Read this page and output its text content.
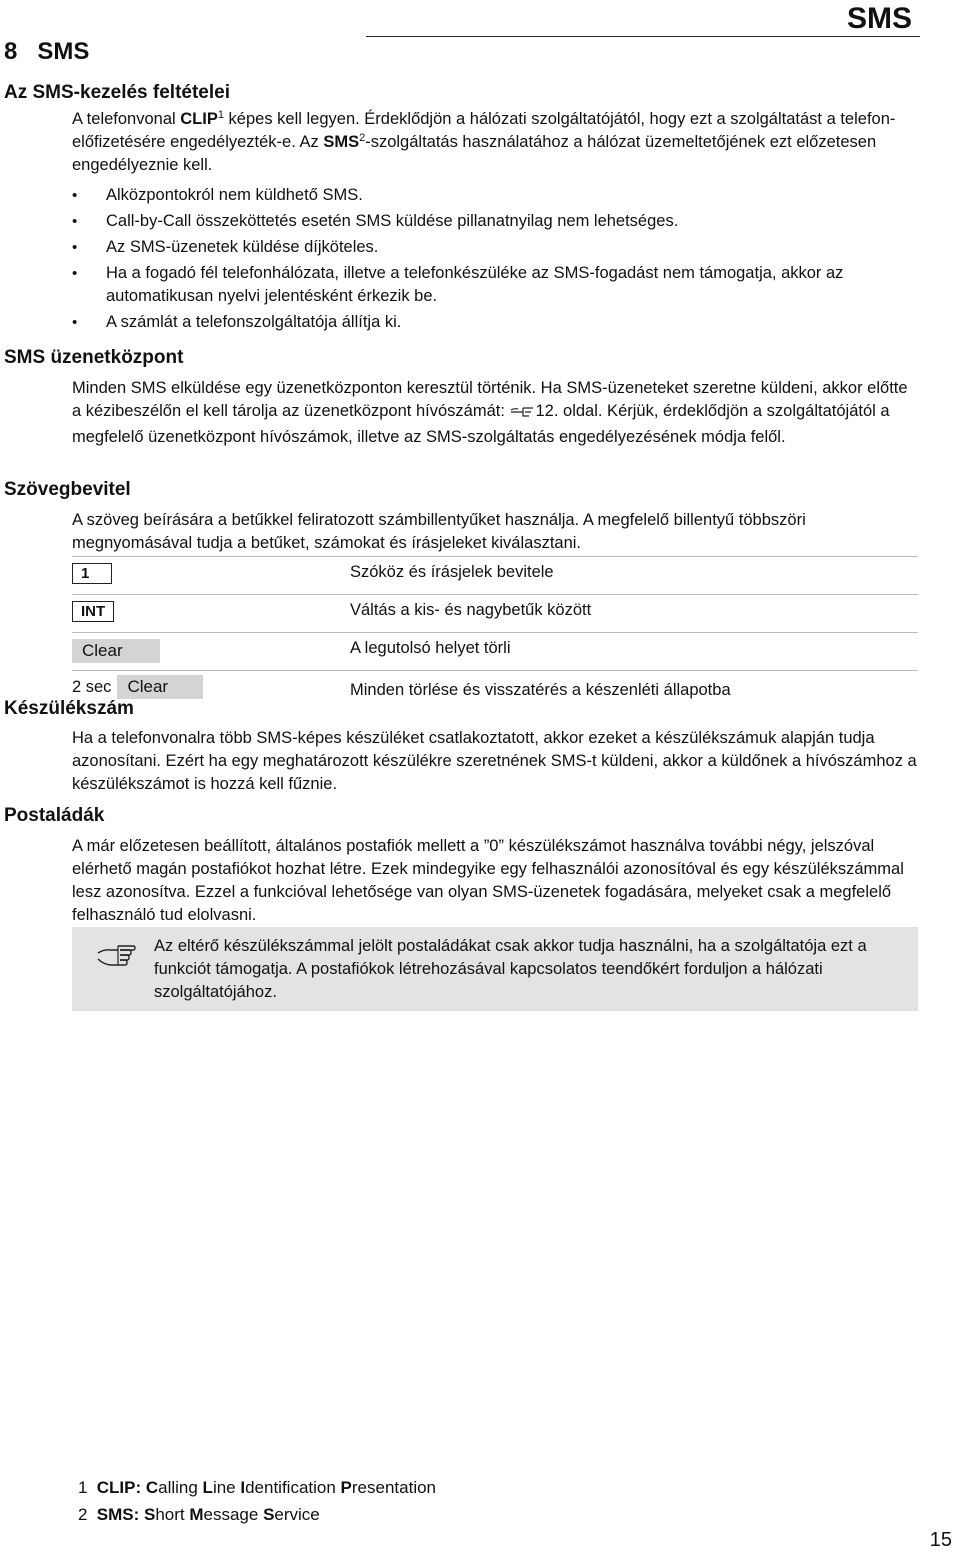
SMS
8   SMS
Az SMS-kezelés feltételei

A telefonvonal CLIP$^1$ képes kell legyen. Érdeklődjön a hálózati szolgáltatójától, hogy ezt a szolgáltatást a telefon-előfizetésére engedélyezték-e. Az SMS$^2$-szolgáltatás használatához a hálózat üzemeltetőjének ezt előzetesen engedélyeznie kell.

• Alközpontokról nem küldhető SMS.
• Call-by-Call összeköttetés esetén SMS küldése pillanatnyilag nem lehetséges.
• Az SMS-üzenetek küldése díjköteles.
• Ha a fogadó fél telefonhálózata, illetve a telefonkészüléke az SMS-fogadást nem támogatja, akkor az automatikusan nyelvi jelentésként érkezik be.
• A számlát a telefonszolgáltatója állítja ki.
SMS üzenetközpont

Minden SMS elküldése egy üzenetközponton keresztül történik. Ha SMS-üzeneteket szeretne küldeni, akkor előtte a kézibeszélőn el kell tárolja az üzenetközpont hívószámát: 12. oldal. Kérjük, érdeklődjön a szolgáltatójától a megfelelő üzenetközpont hívószámok, illetve az SMS-szolgáltatás engedélyezésének módja felől.

Szövegbevitel
A szöveg beírására a betűkkel feliratozott számbillentyűket használja. A megfelelő billentyű többszöri megnyomásával tudja a betűket, számokat és írásjeleket kiválasztani.
1	Szóköz és írásjelek bevitele
INT	Váltás a kis- és nagybetűk között
Clear	A legutolsó helyet törli
2 sec Clear	Minden törlése és visszatérés a készenléti állapotba
Készülékszám
Ha a telefonvonalra több SMS-képes készüléket csatlakoztatott, akkor ezeket a készülékszámuk alapján tudja azonosítani. Ezért ha egy meghatározott készülékre szeretnének SMS-t küldeni, akkor a küldőnek a hívószámhoz a készülékszámot is hozzá kell fűznie.
Postaládák
A már előzetesen beállított, általános postafiók mellett a ”0” készülékszámot használva további négy, jelszóval elérhető magán postafiókot hozhat létre. Ezek mindegyike egy felhasználói azonosítóval és egy készülékszámmal lesz azonosítva. Ezzel a funkcióval lehetősége van olyan SMS-üzenetek fogadására, melyeket csak a megfelelő felhasználó tud elolvasni.
Az eltérő készülékszámmal jelölt postaládákat csak akkor tudja használni, ha a szolgáltatója ezt a funkciót támogatja. A postafiókok létrehozásával kapcsolatos teendőkért forduljon a hálózati szolgáltatójához.
1 CLIP: Calling Line Identification Presentation
2 SMS: Short Message Service
15
